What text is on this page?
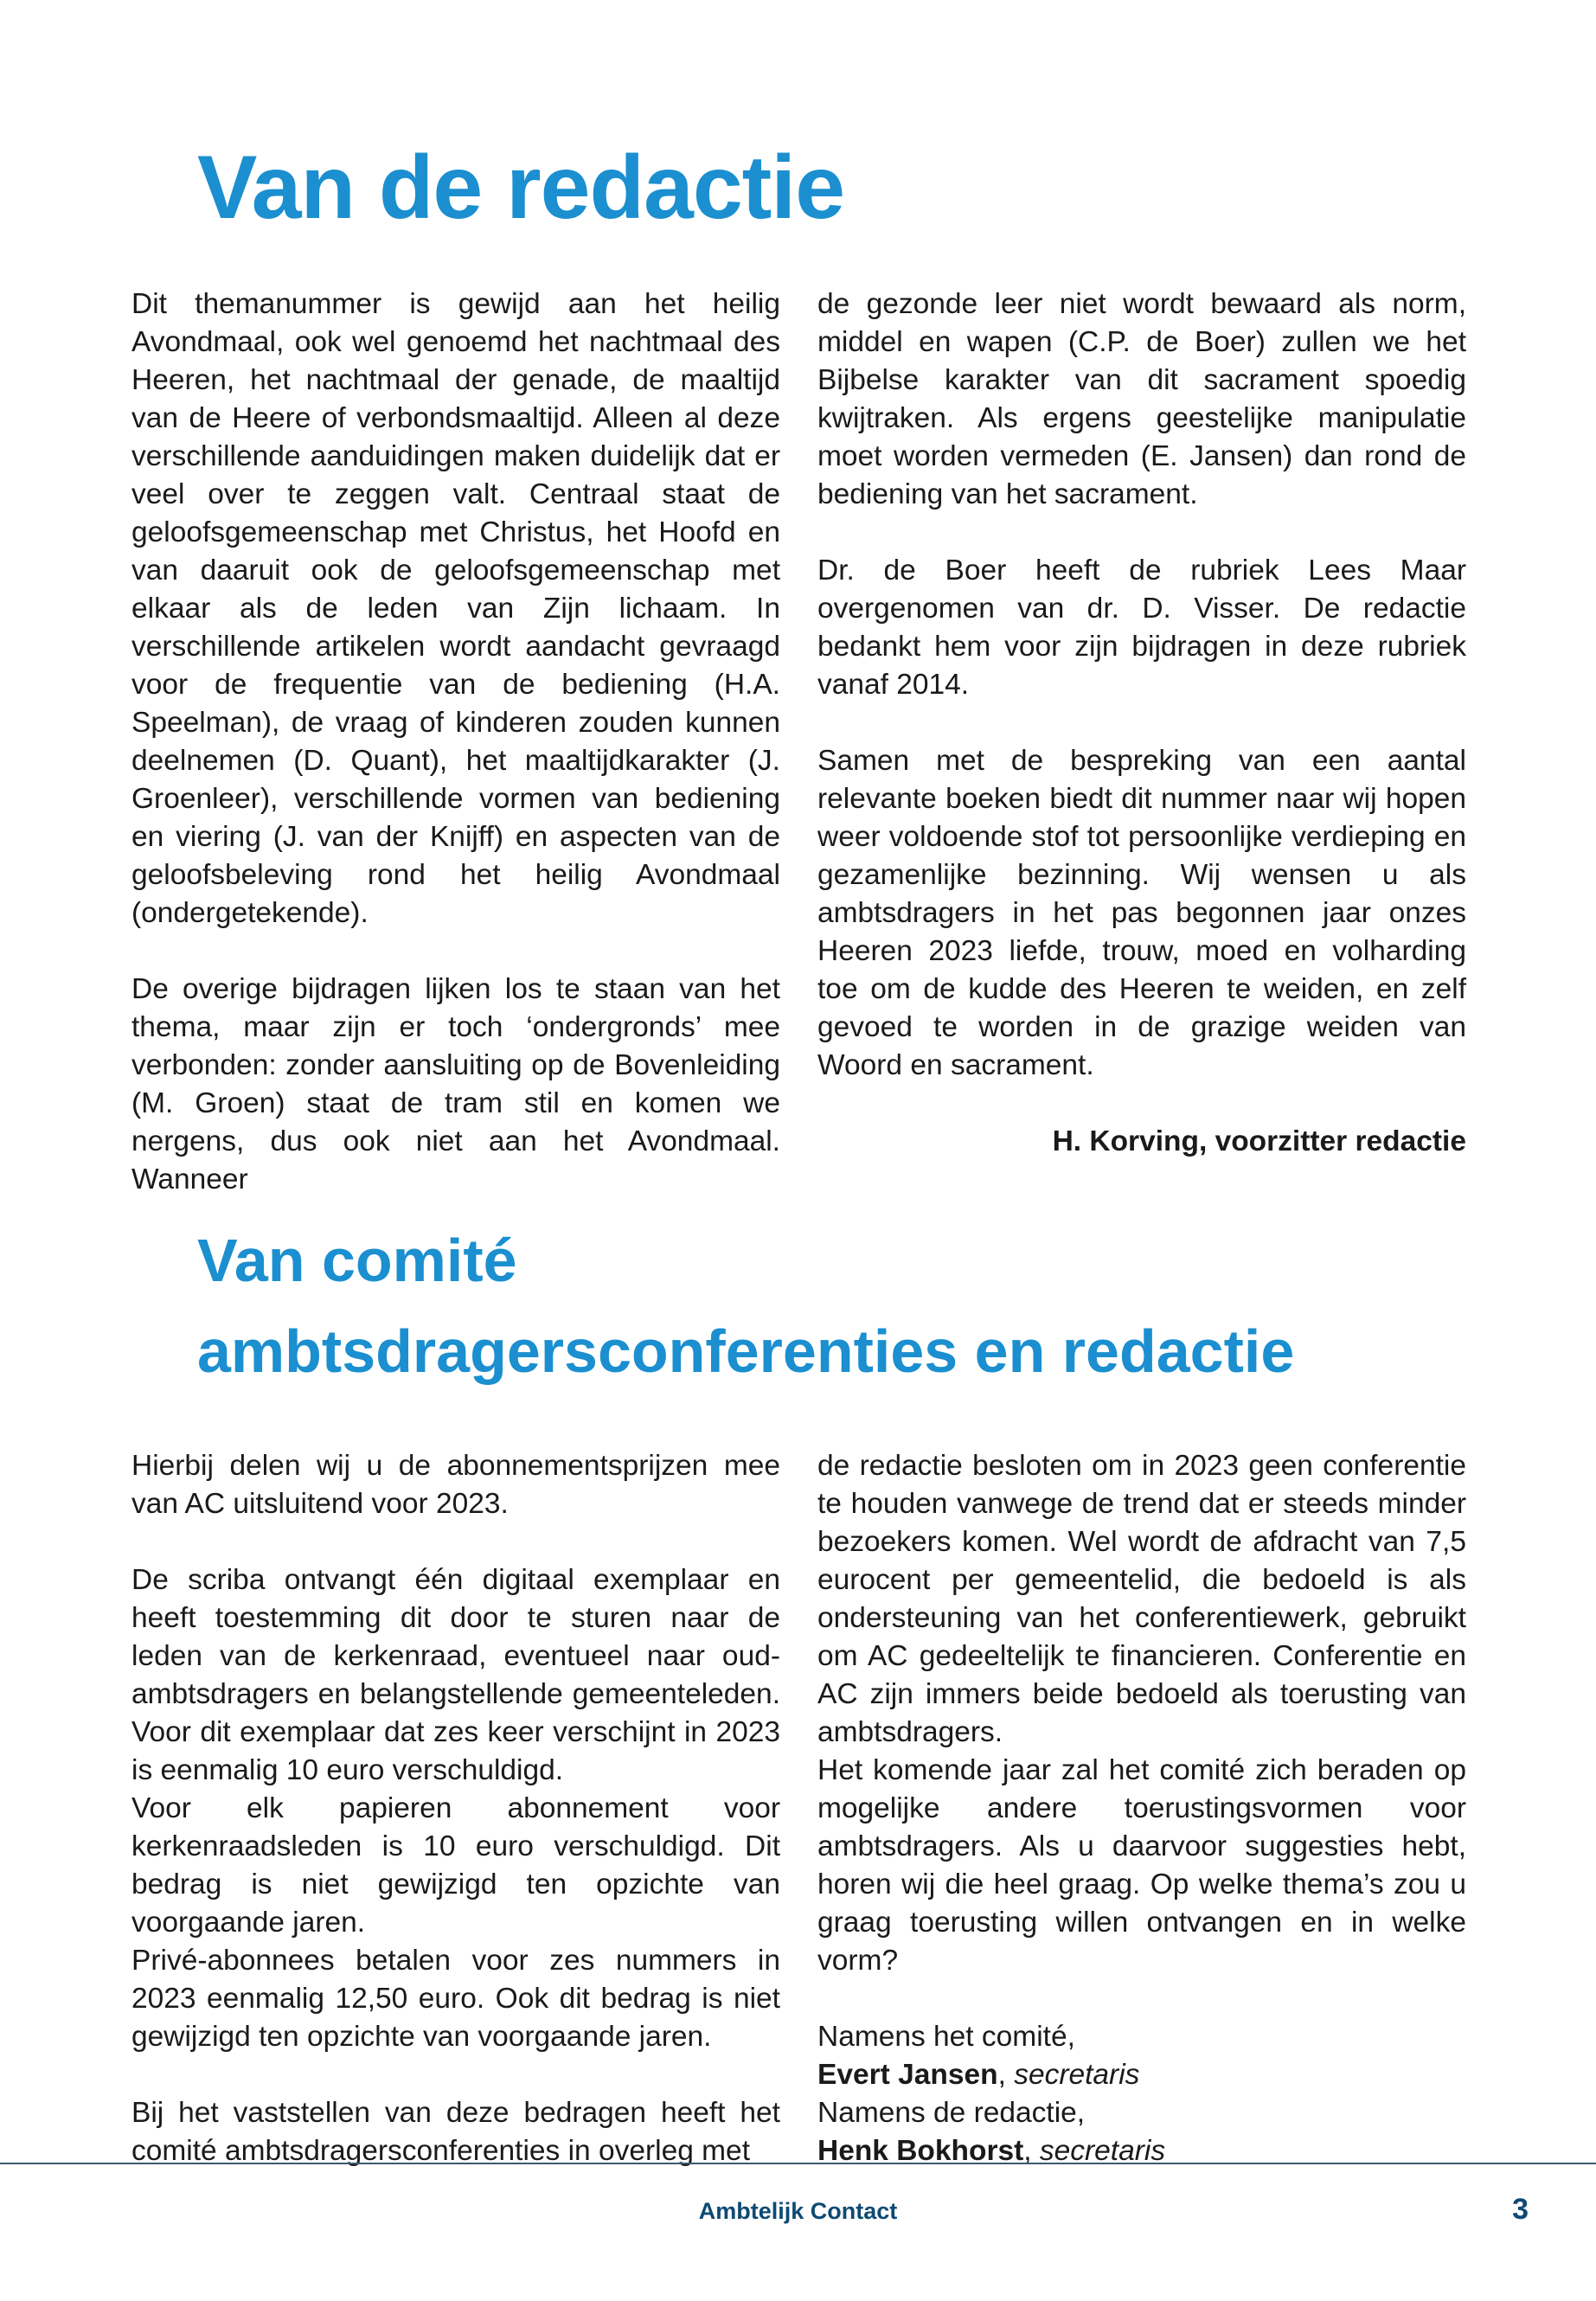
Van de redactie

Dit themanummer is gewijd aan het heilig Avondmaal, ook wel genoemd het nachtmaal des Heeren, het nachtmaal der genade, de maaltijd van de Heere of verbondsmaaltijd. Alleen al deze verschillende aanduidingen maken duidelijk dat er veel over te zeggen valt. Centraal staat de geloofsgemeenschap met Christus, het Hoofd en van daaruit ook de geloofsgemeenschap met elkaar als de leden van Zijn lichaam. In verschillende artikelen wordt aandacht gevraagd voor de frequentie van de bediening (H.A. Speelman), de vraag of kinderen zouden kunnen deelnemen (D. Quant), het maaltijdkarakter (J. Groenleer), verschillende vormen van bediening en viering (J. van der Knijff) en aspecten van de geloofsbeleving rond het heilig Avondmaal (ondergetekende).

De overige bijdragen lijken los te staan van het thema, maar zijn er toch ‘ondergronds’ mee verbonden: zonder aansluiting op de Bovenleiding (M. Groen) staat de tram stil en komen we nergens, dus ook niet aan het Avondmaal. Wanneer

de gezonde leer niet wordt bewaard als norm, middel en wapen (C.P. de Boer) zullen we het Bijbelse karakter van dit sacrament spoedig kwijtraken. Als ergens geestelijke manipulatie moet worden vermeden (E. Jansen) dan rond de bediening van het sacrament.

Dr. de Boer heeft de rubriek Lees Maar overgenomen van dr. D. Visser. De redactie bedankt hem voor zijn bijdragen in deze rubriek vanaf 2014.

Samen met de bespreking van een aantal relevante boeken biedt dit nummer naar wij hopen weer voldoende stof tot persoonlijke verdieping en gezamenlijke bezinning. Wij wensen u als ambtsdragers in het pas begonnen jaar onzes Heeren 2023 liefde, trouw, moed en volharding toe om de kudde des Heeren te weiden, en zelf gevoed te worden in de grazige weiden van Woord en sacrament.

H. Korving, voorzitter redactie
Van comité
ambtsdragersconferenties en redactie

Hierbij delen wij u de abonnementsprijzen mee van AC uitsluitend voor 2023.

De scriba ontvangt één digitaal exemplaar en heeft toestemming dit door te sturen naar de leden van de kerkenraad, eventueel naar oud-ambtsdragers en belangstellende gemeenteleden. Voor dit exemplaar dat zes keer verschijnt in 2023 is eenmalig 10 euro verschuldigd.

Voor elk papieren abonnement voor kerkenraadsleden is 10 euro verschuldigd. Dit bedrag is niet gewijzigd ten opzichte van voorgaande jaren.

Privé-abonnees betalen voor zes nummers in 2023 eenmalig 12,50 euro. Ook dit bedrag is niet gewijzigd ten opzichte van voorgaande jaren.

Bij het vaststellen van deze bedragen heeft het comité ambtsdragersconferenties in overleg met

de redactie besloten om in 2023 geen conferentie te houden vanwege de trend dat er steeds minder bezoekers komen. Wel wordt de afdracht van 7,5 eurocent per gemeentelid, die bedoeld is als ondersteuning van het conferentiewerk, gebruikt om AC gedeeltelijk te financieren. Conferentie en AC zijn immers beide bedoeld als toerusting van ambtsdragers.

Het komende jaar zal het comité zich beraden op mogelijke andere toerustingsvormen voor ambtsdragers. Als u daarvoor suggesties hebt, horen wij die heel graag. Op welke thema’s zou u graag toerusting willen ontvangen en in welke vorm?

Namens het comité,
Evert Jansen, secretaris
Namens de redactie,
Henk Bokhorst, secretaris
Ambtelijk Contact	3
